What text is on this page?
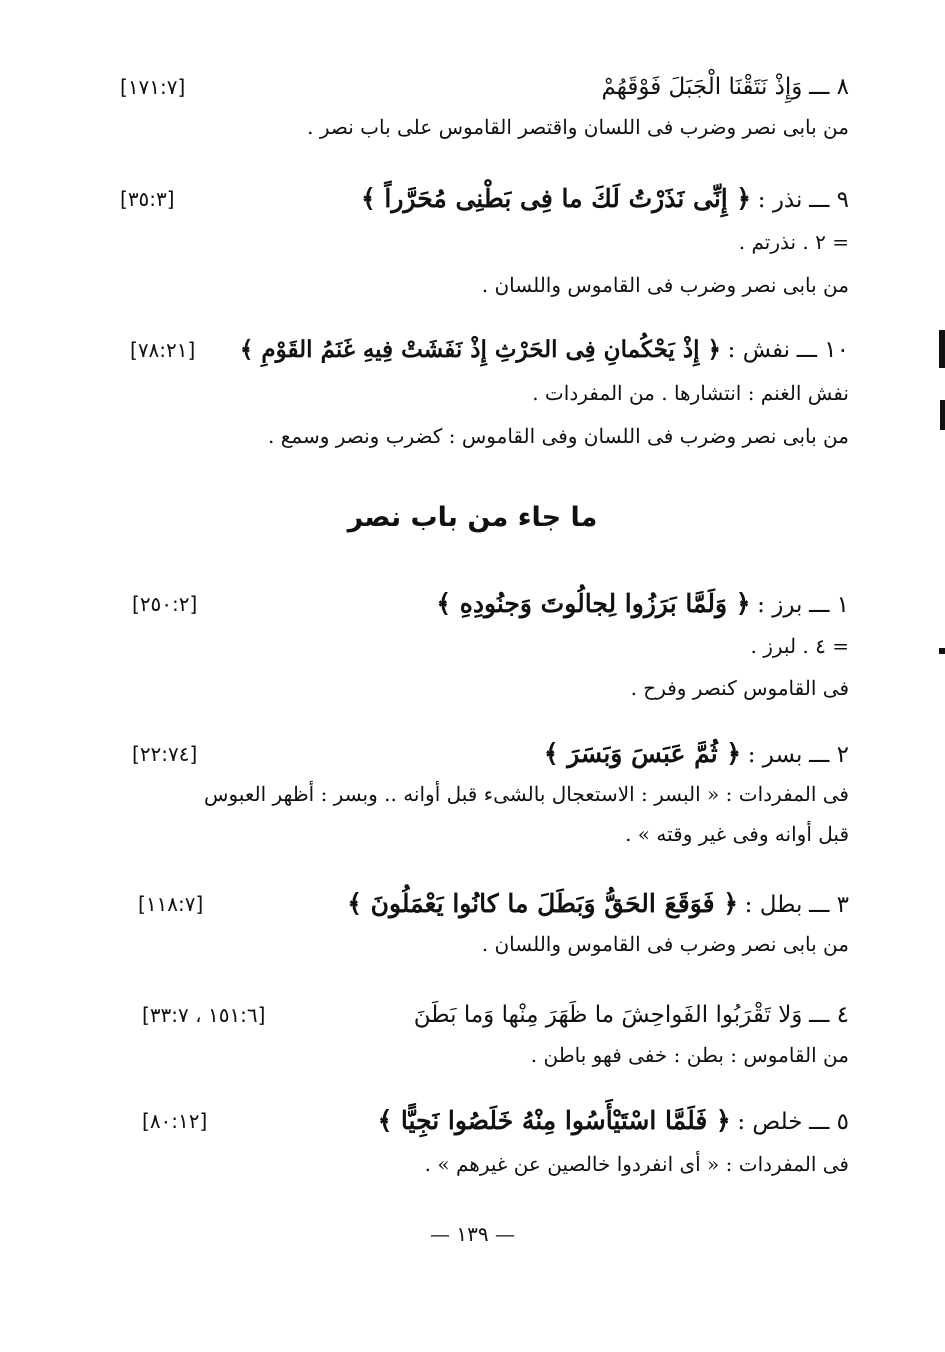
٨ ـــ وَإِذْ نَتَقْنَا الْجَبَلَ فَوْقَهُمْ
[١٧١:٧]
من بابى نصر وضرب فى اللسان واقتصر القاموس على باب نصر .
٩ ـــ نذر : ﴿ إِنِّى نَذَرْتُ لَكَ ما فِى بَطْنِى مُحَرَّراً ﴾
[٣٥:٣]
= ٢ . نذرتم .
من بابى نصر وضرب فى القاموس واللسان .
١٠ ـــ نفش : ﴿ إِذْ يَحْكُمانِ فِى الحَرْثِ إِذْ نَفَشَتْ فِيهِ غَنَمُ القَوْمِ ﴾
[٧٨:٢١]
نفش الغنم : انتشارها . من المفردات .
من بابى نصر وضرب فى اللسان وفى القاموس : كضرب ونصر وسمع .
ما جاء من باب نصر
١ ـــ برز : ﴿ وَلَمَّا بَرَزُوا لِجالُوتَ وَجنُودِهِ ﴾
[٢٥٠:٢]
= ٤ . لبرز .
فى القاموس كنصر وفرح .
٢ ـــ بسر : ﴿ ثُمَّ عَبَسَ وَبَسَرَ ﴾
[٢٢:٧٤]
فى المفردات : « البسر : الاستعجال بالشىء قبل أوانه .. وبسر : أظهر العبوس
قبل أوانه وفى غير وقته » .
٣ ـــ بطل : ﴿ فَوَقَعَ الحَقُّ وَبَطَلَ ما كانُوا يَعْمَلُونَ ﴾
[١١٨:٧]
من بابى نصر وضرب فى القاموس واللسان .
٤ ـــ وَلا تَقْرَبُوا الفَواحِشَ ما ظَهَرَ مِنْها وَما بَطَنَ
[١٥١:٦ ، ٣٣:٧]
من القاموس : بطن : خفى فهو باطن .
٥ ـــ خلص : ﴿ فَلَمَّا اسْتَيْأَسُوا مِنْهُ خَلَصُوا نَجِيًّا ﴾
[٨٠:١٢]
فى المفردات : « أى انفردوا خالصين عن غيرهم » .
— ١٣٩ —
